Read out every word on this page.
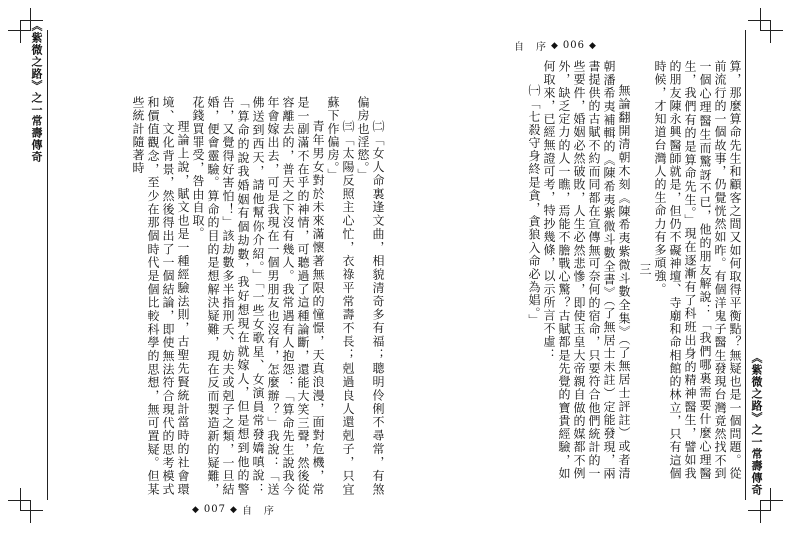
《紫微之路》之一
常壽傳奇
《紫微之路》之一
常壽傳奇
自　序 ◆ 006 ◆
◆ 007 ◆ 自　序

算，那麼算命先生和顧客之間又如何取得平衡點？無疑也是一個問題。從前流行的一個故事，仍覺恍然如昨。有個洋鬼子醫生發現台灣竟然找不到一個心理醫生而驚訝不已，他的朋友解說：「我們哪裏需要什麼心理醫生，我們有的是算命先生。」現在逐漸有了科班出身的精神醫生，譬如我的朋友陳永興醫師就是，但仍不礙神壇、寺廟和命相館的林立，只有這個時候，才知道台灣人的生命力有多頑強。

三

無論翻開清朝木刻《陳希夷紫微斗數全集》（了無居士評註）或者清朝潘希夷補輯的《陳希夷紫微斗數全書》（了無居士未註）定能發現，兩書提供的古賦不約而同都在宣傳無可奈何的宿命，只要符合他們統計的一些要件，婚姻必然破敗，人生必然悲慘，即使玉皇大帝親自做的媒都不例外，缺乏定力的人一瞧，焉能不膽戰心驚？古賦都是先覺的寶貴經驗，如何取來，已經無證可考，特抄幾條，以示所言不虛：

㈠「七殺守身終是貪，貪狼入命必為娼。」

㈡「女人命裏逢文曲，相貌清奇多有福；聰明伶俐不尋常，有煞偏房也淫慾。」

㈢「太陽反照主心忙，衣祿平常壽不長；剋過良人還剋子，只宜蘇下作偏房。」

青年男女對於未來滿懷著無限的憧憬，天真浪漫，面對危機，常是一副滿不在乎的神情，可聽過了這種論斷，還能大笑三聲，然後從容離去的，普天之下沒有幾人。我常遇有人抱怨：「算命先生說我今年會嫁出去，可是我現在一個男朋友也沒有，怎麼辦？」我說：「送佛送到西天，請他幫你介紹。」「一些女歌星、女演員常發嬌嗔說：「算命的說我婚姻有個劫數，我好想現在就嫁人，但是想到他的警告，又覺得好害怕！」該劫數多半指刑夭、妨夫或剋子之類，一旦結婚，便會靈驗。算命的目的是想解決疑難，現在反而製造新的疑難，花錢買罪受，咎由自取。

理論上說，賦文也是一種經驗法則，古聖先賢統計當時的社會環境、文化背景，然後得出了一個結論，即使無法符合現代的思考模式和價值觀念，至少在那個時代是個比較科學的思想，無可置疑。但某些統計隨著時
